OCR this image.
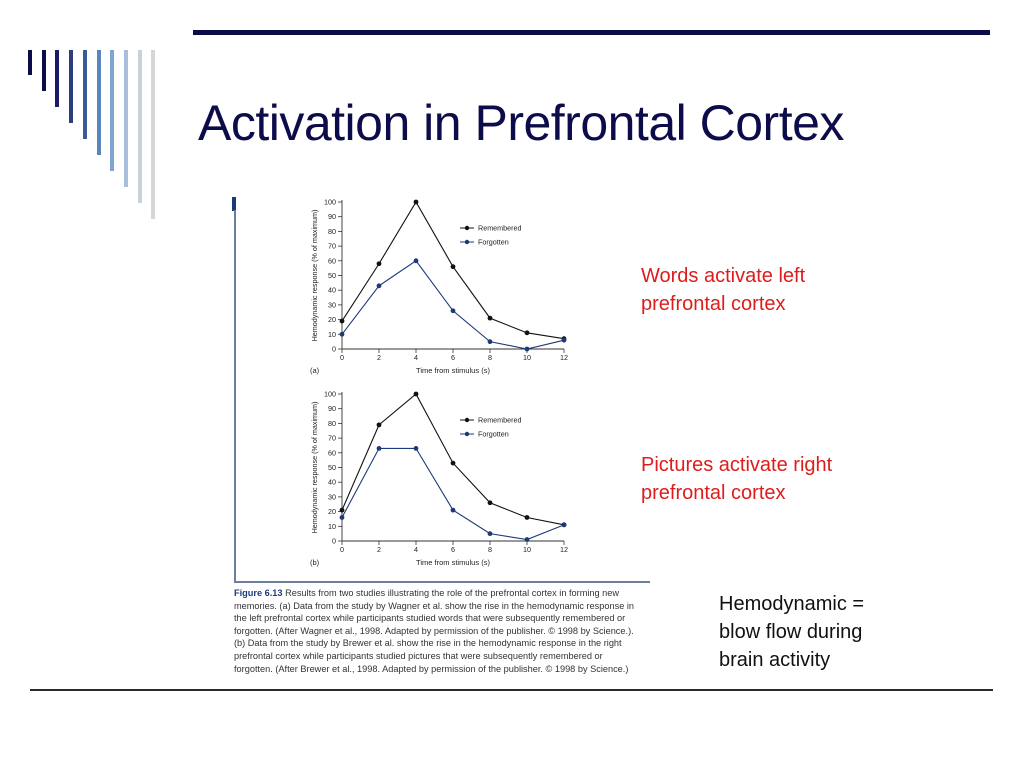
Activation in Prefrontal Cortex
0
10
20
30
40
50
60
70
80
90
100
0	2	4	6	8	10	12
Time from stimulus (s)
Hemodynamic response (% of maximum)
(a)
Remembered
Forgotten
0
10
20
30
40
50
60
70
80
90
100
0	2	4	6	8	10	12
Time from stimulus (s)
Hemodynamic response (% of maximum)
(b)
Remembered
Forgotten

Figure 6.13 Results from two studies illustrating the role of the prefrontal cortex in forming new
memories. (a) Data from the study by Wagner et al. show the rise in the hemodynamic response in
the left prefrontal cortex while participants studied words that were subsequently remembered or
forgotten. (After Wagner et al., 1998. Adapted by permission of the publisher. © 1998 by Science.).
(b) Data from the study by Brewer et al. show the rise in the hemodynamic response in the right
prefrontal cortex while participants studied pictures that were subsequently remembered or
forgotten. (After Brewer et al., 1998. Adapted by permission of the publisher. © 1998 by Science.)

Words activate left
prefrontal cortex

Pictures activate right
prefrontal cortex

Hemodynamic =
blow flow during
brain activity
